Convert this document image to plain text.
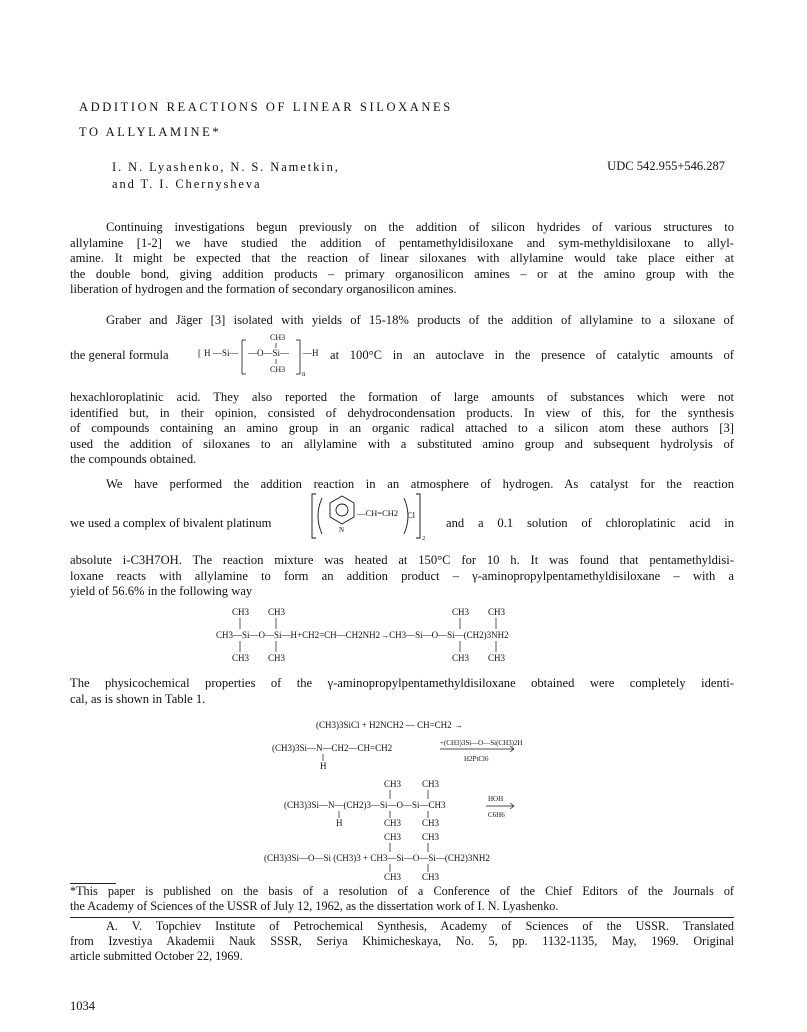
ADDITION REACTIONS OF LINEAR SILOXANES
TO ALLYLAMINE*
I. N. Lyashenko, N. S. Nametkin,
and T. I. Chernysheva
UDC 542.955+546.287
Continuing investigations begun previously on the addition of silicon hydrides of various structures to
allylamine [1-2] we have studied the addition of pentamethyldisiloxane and sym-methyldisiloxane to allyl-
amine. It might be expected that the reaction of linear siloxanes with allylamine would take place either at
the double bond, giving addition products – primary organosilicon amines – or at the amino group with the
liberation of hydrogen and the formation of secondary organosilicon amines.
Graber and Jäger [3] isolated with yields of 15-18% products of the addition of allylamine to a siloxane of
the general formula	[ H —Si— —O—Si—
CH3
CH3 n
—H at 100°C in an autoclave in the presence of catalytic amounts of
hexachloroplatinic acid. They also reported the formation of large amounts of substances which were not
identified but, in their opinion, consisted of dehydrocondensation products. In view of this, for the synthesis
of compounds containing an amino group in an organic radical attached to a silicon atom these authors [3]
used the addition of siloxanes to an allylamine with a substituted amino group and subsequent hydrolysis of
the compounds obtained.
We have performed the addition reaction in an atmosphere of hydrogen. As catalyst for the reaction
we used a complex of bivalent platinum	N
—CH=CH2 Cl
2
and a 0.1 solution of chloroplatinic acid in
absolute i-C3H7OH. The reaction mixture was heated at 150°C for 10 h. It was found that pentamethyldisi-
loxane reacts with allylamine to form an addition product – γ-aminopropylpentamethyldisiloxane – with a
yield of 56.6% in the following way
CH3 CH3	CH3 CH3
CH3—Si—O—Si—H+CH2=CH—CH2NH2→CH3—Si—O—Si—(CH2)3NH2
CH3 CH3	CH3 CH3
The physicochemical properties of the γ-aminopropylpentamethyldisiloxane obtained were completely identi-
cal, as is shown in Table 1.
(CH3)3SiCl + H2NCH2 — CH=CH2 →
(CH3)3Si—N—CH2—CH=CH2	+(CH3)3Si—O—Si(CH3)2H
H2PtCl6
H
CH3 CH3
(CH3)3Si—N—(CH2)3—Si—O—Si—CH3
HOH
C6H6
H	CH3 CH3
CH3 CH3
(CH3)3Si—O—Si (CH3)3 + CH3—Si—O—Si—(CH2)3NH2
CH3 CH3
*This paper is published on the basis of a resolution of a Conference of the Chief Editors of the Journals of
the Academy of Sciences of the USSR of July 12, 1962, as the dissertation work of I. N. Lyashenko.
A. V. Topchiev Institute of Petrochemical Synthesis, Academy of Sciences of the USSR. Translated
from Izvestiya Akademii Nauk SSSR, Seriya Khimicheskaya, No. 5, pp. 1132-1135, May, 1969. Original
article submitted October 22, 1969.
1034
